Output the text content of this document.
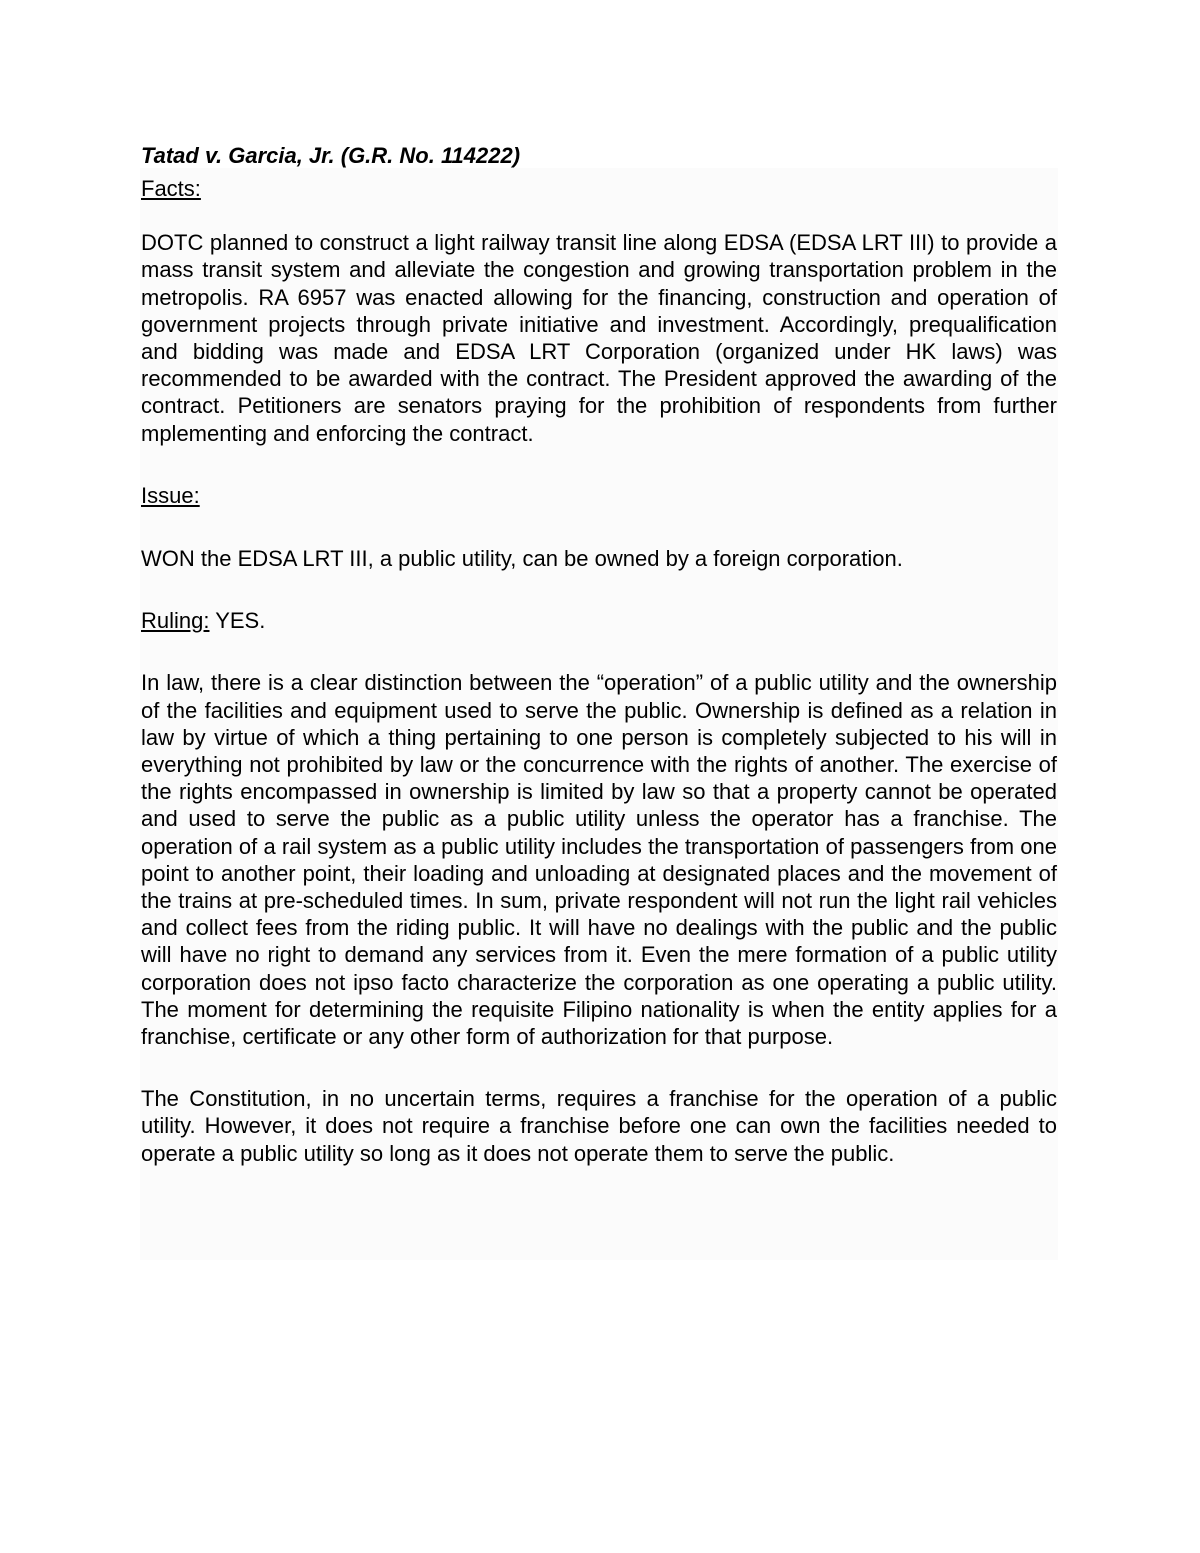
Tatad v. Garcia, Jr. (G.R. No. 114222)

Facts:

DOTC planned to construct a light railway transit line along EDSA (EDSA LRT III) to provide a mass transit system and alleviate the congestion and growing transportation problem in the metropolis. RA 6957 was enacted allowing for the financing, construction and operation of government projects through private initiative and investment. Accordingly, prequalification and bidding was made and EDSA LRT Corporation (organized under HK laws) was recommended to be awarded with the contract. The President approved the awarding of the contract. Petitioners are senators praying for the prohibition of respondents from further mplementing and enforcing the contract.

Issue:

WON the EDSA LRT III, a public utility, can be owned by a foreign corporation.

Ruling: YES.

In law, there is a clear distinction between the “operation” of a public utility and the ownership of the facilities and equipment used to serve the public. Ownership is defined as a relation in law by virtue of which a thing pertaining to one person is completely subjected to his will in everything not prohibited by law or the concurrence with the rights of another. The exercise of the rights encompassed in ownership is limited by law so that a property cannot be operated and used to serve the public as a public utility unless the operator has a franchise. The operation of a rail system as a public utility includes the transportation of passengers from one point to another point, their loading and unloading at designated places and the movement of the trains at pre-scheduled times. In sum, private respondent will not run the light rail vehicles and collect fees from the riding public. It will have no dealings with the public and the public will have no right to demand any services from it. Even the mere formation of a public utility corporation does not ipso facto characterize the corporation as one operating a public utility. The moment for determining the requisite Filipino nationality is when the entity applies for a franchise, certificate or any other form of authorization for that purpose.

The Constitution, in no uncertain terms, requires a franchise for the operation of a public utility. However, it does not require a franchise before one can own the facilities needed to operate a public utility so long as it does not operate them to serve the public.
